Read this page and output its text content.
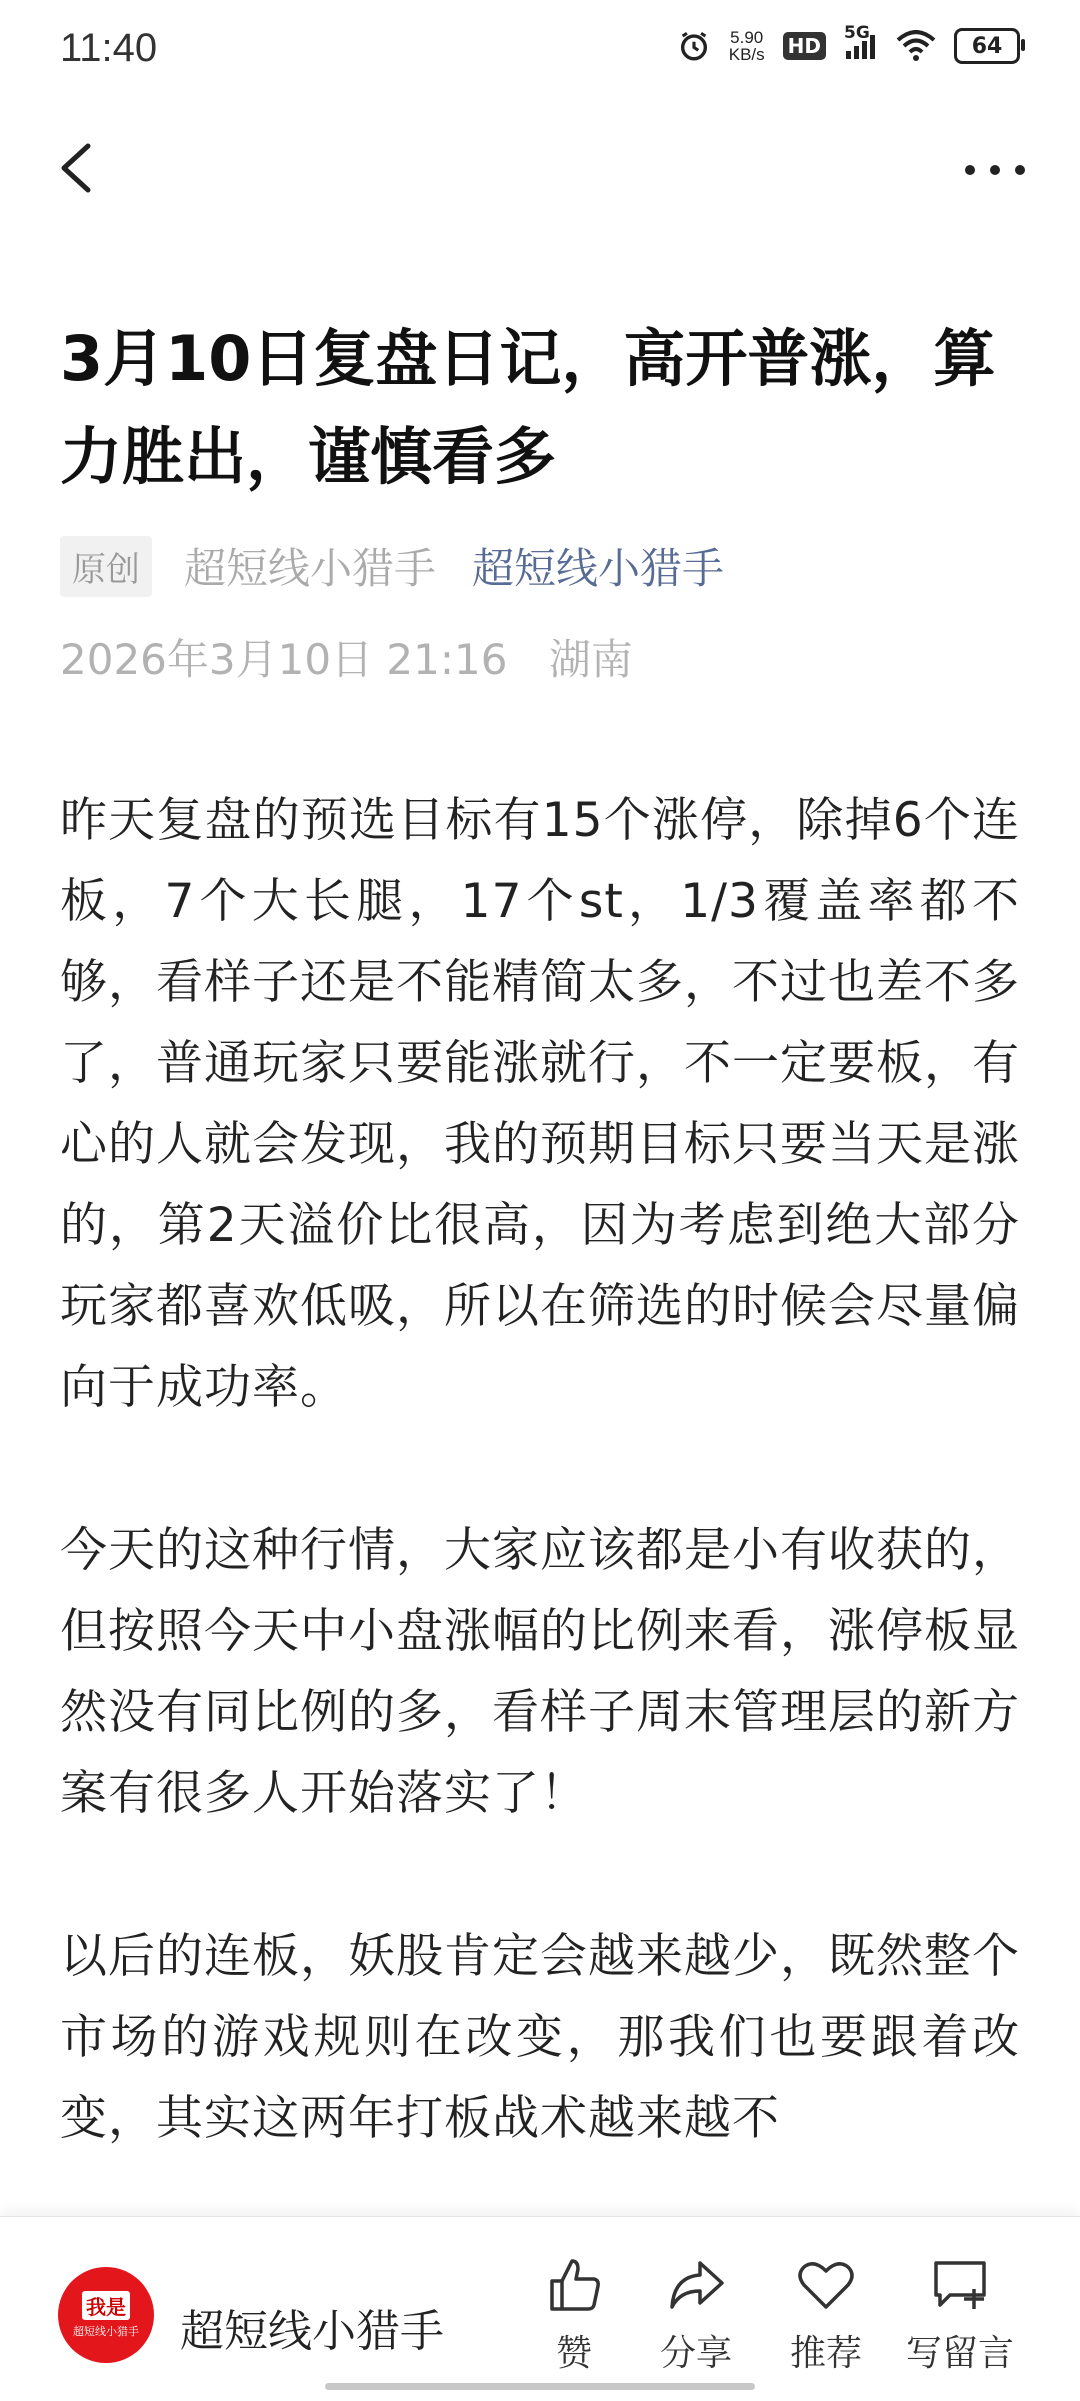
11:40	5.90
KB/s HD
5G
64
3月10日复盘日记，高开普涨，算力胜出，谨慎看多
原创 超短线小猎手 超短线小猎手
2026年3月10日 21:16 湖南

昨天复盘的预选目标有15个涨停，除掉6个连板，7个大长腿，17个st，1/3覆盖率都不够，看样子还是不能精简太多，不过也差不多了，普通玩家只要能涨就行，不一定要板，有心的人就会发现，我的预期目标只要当天是涨的，第2天溢价比很高，因为考虑到绝大部分玩家都喜欢低吸，所以在筛选的时候会尽量偏向于成功率。

今天的这种行情，大家应该都是小有收获的，但按照今天中小盘涨幅的比例来看，涨停板显然没有同比例的多，看样子周末管理层的新方案有很多人开始落实了！

以后的连板，妖股肯定会越来越少，既然整个市场的游戏规则在改变，那我们也要跟着改变，其实这两年打板战术越来越不

我是
超短线小猎手 超短线小猎手	赞 分享 推荐 写留言
